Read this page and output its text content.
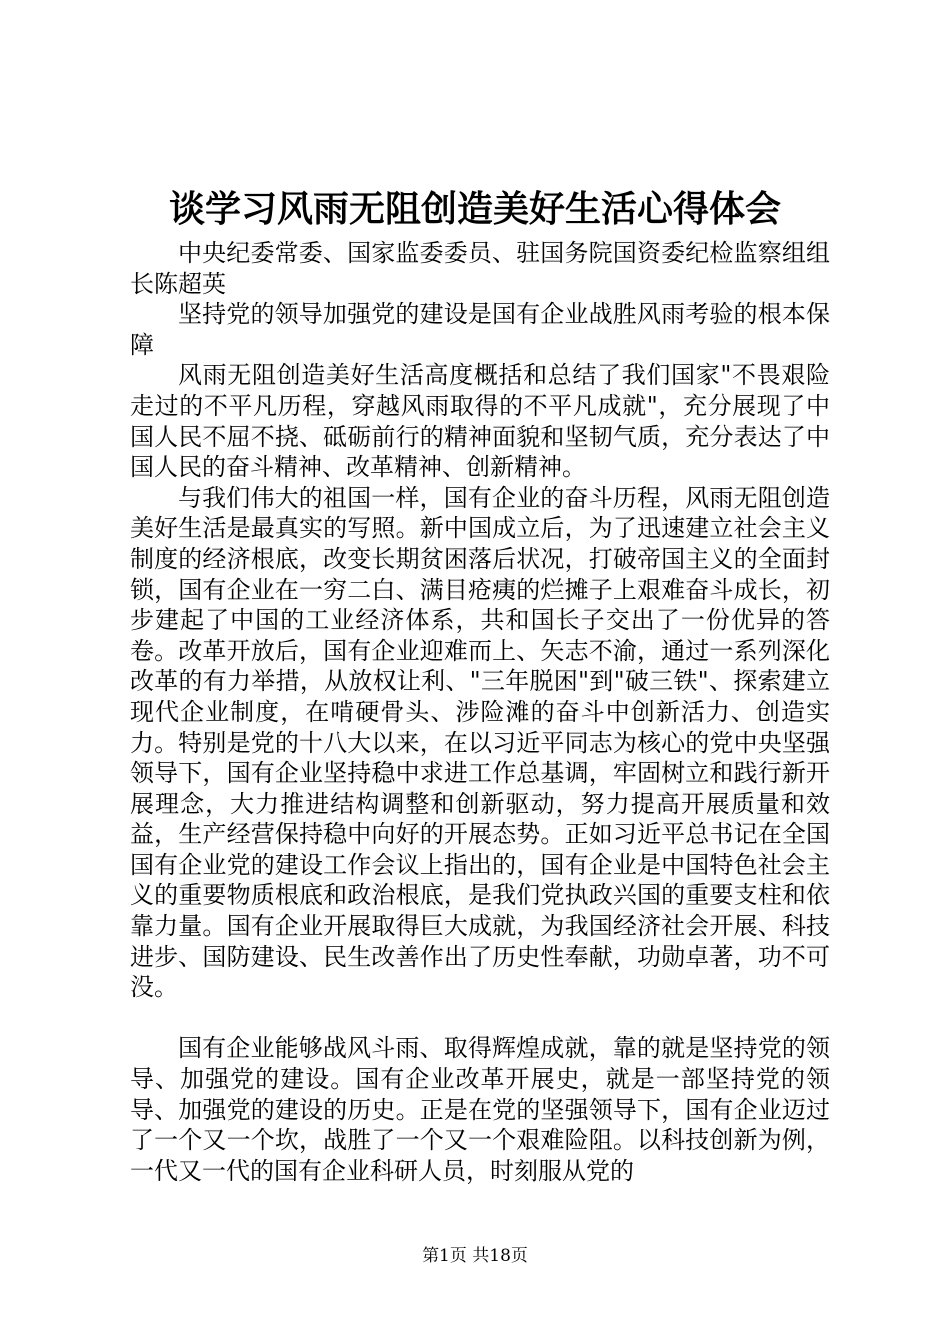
谈学习风雨无阻创造美好生活心得体会

中央纪委常委、国家监委委员、驻国务院国资委纪检监察组组长陈超英

坚持党的领导加强党的建设是国有企业战胜风雨考验的根本保障

风雨无阻创造美好生活高度概括和总结了我们国家"不畏艰险走过的不平凡历程，穿越风雨取得的不平凡成就"，充分展现了中国人民不屈不挠、砥砺前行的精神面貌和坚韧气质，充分表达了中国人民的奋斗精神、改革精神、创新精神。

与我们伟大的祖国一样，国有企业的奋斗历程，风雨无阻创造美好生活是最真实的写照。新中国成立后，为了迅速建立社会主义制度的经济根底，改变长期贫困落后状况，打破帝国主义的全面封锁，国有企业在一穷二白、满目疮痍的烂摊子上艰难奋斗成长，初步建起了中国的工业经济体系，共和国长子交出了一份优异的答卷。改革开放后，国有企业迎难而上、矢志不渝，通过一系列深化改革的有力举措，从放权让利、"三年脱困"到"破三铁"、探索建立现代企业制度，在啃硬骨头、涉险滩的奋斗中创新活力、创造实力。特别是党的十八大以来，在以习近平同志为核心的党中央坚强领导下，国有企业坚持稳中求进工作总基调，牢固树立和践行新开展理念，大力推进结构调整和创新驱动，努力提高开展质量和效益，生产经营保持稳中向好的开展态势。正如习近平总书记在全国国有企业党的建设工作会议上指出的，国有企业是中国特色社会主义的重要物质根底和政治根底，是我们党执政兴国的重要支柱和依靠力量。国有企业开展取得巨大成就，为我国经济社会开展、科技进步、国防建设、民生改善作出了历史性奉献，功勋卓著，功不可没。

国有企业能够战风斗雨、取得辉煌成就，靠的就是坚持党的领导、加强党的建设。国有企业改革开展史，就是一部坚持党的领导、加强党的建设的历史。正是在党的坚强领导下，国有企业迈过了一个又一个坎，战胜了一个又一个艰难险阻。以科技创新为例，一代又一代的国有企业科研人员，时刻服从党的

第1页 共18页
